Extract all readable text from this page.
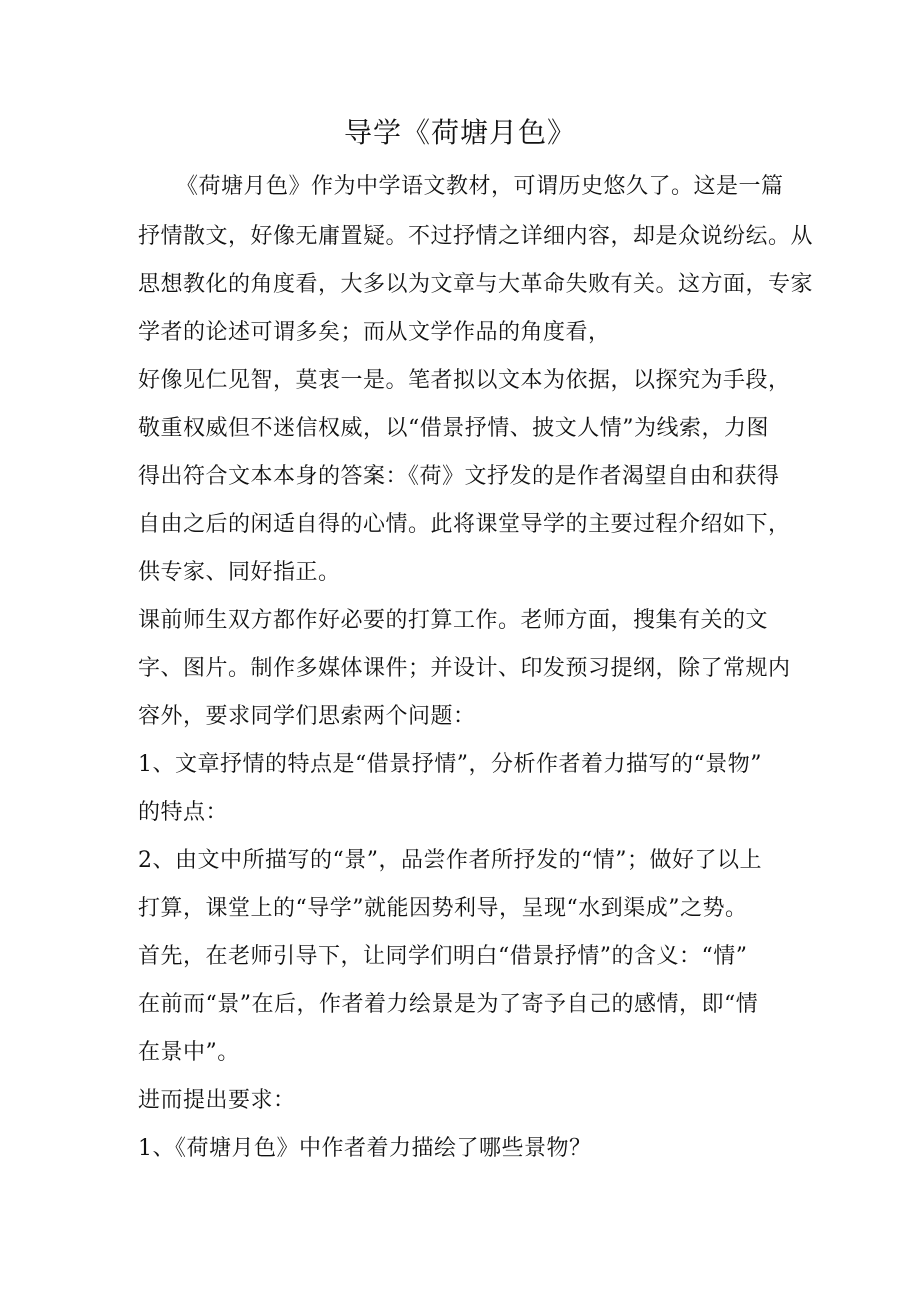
导学《荷塘月色》
《荷塘月色》作为中学语文教材，可谓历史悠久了。这是一篇
抒情散文，好像无庸置疑。不过抒情之详细内容，却是众说纷纭。从
思想教化的角度看，大多以为文章与大革命失败有关。这方面，专家
学者的论述可谓多矣；而从文学作品的角度看，
好像见仁见智，莫衷一是。笔者拟以文本为依据，以探究为手段，
敬重权威但不迷信权威，以“借景抒情、披文人情”为线索，力图
得出符合文本本身的答案：《荷》文抒发的是作者渴望自由和获得
自由之后的闲适自得的心情。此将课堂导学的主要过程介绍如下，
供专家、同好指正。
课前师生双方都作好必要的打算工作。老师方面，搜集有关的文
字、图片。制作多媒体课件；并设计、印发预习提纲，除了常规内
容外，要求同学们思索两个问题：
1、文章抒情的特点是“借景抒情”，分析作者着力描写的“景物”
的特点：
2、由文中所描写的“景”，品尝作者所抒发的“情”；做好了以上
打算，课堂上的“导学”就能因势利导，呈现“水到渠成”之势。
首先，在老师引导下，让同学们明白“借景抒情”的含义：“情”
在前而“景”在后，作者着力绘景是为了寄予自己的感情，即“情
在景中”。
进而提出要求：
1、《荷塘月色》中作者着力描绘了哪些景物？
